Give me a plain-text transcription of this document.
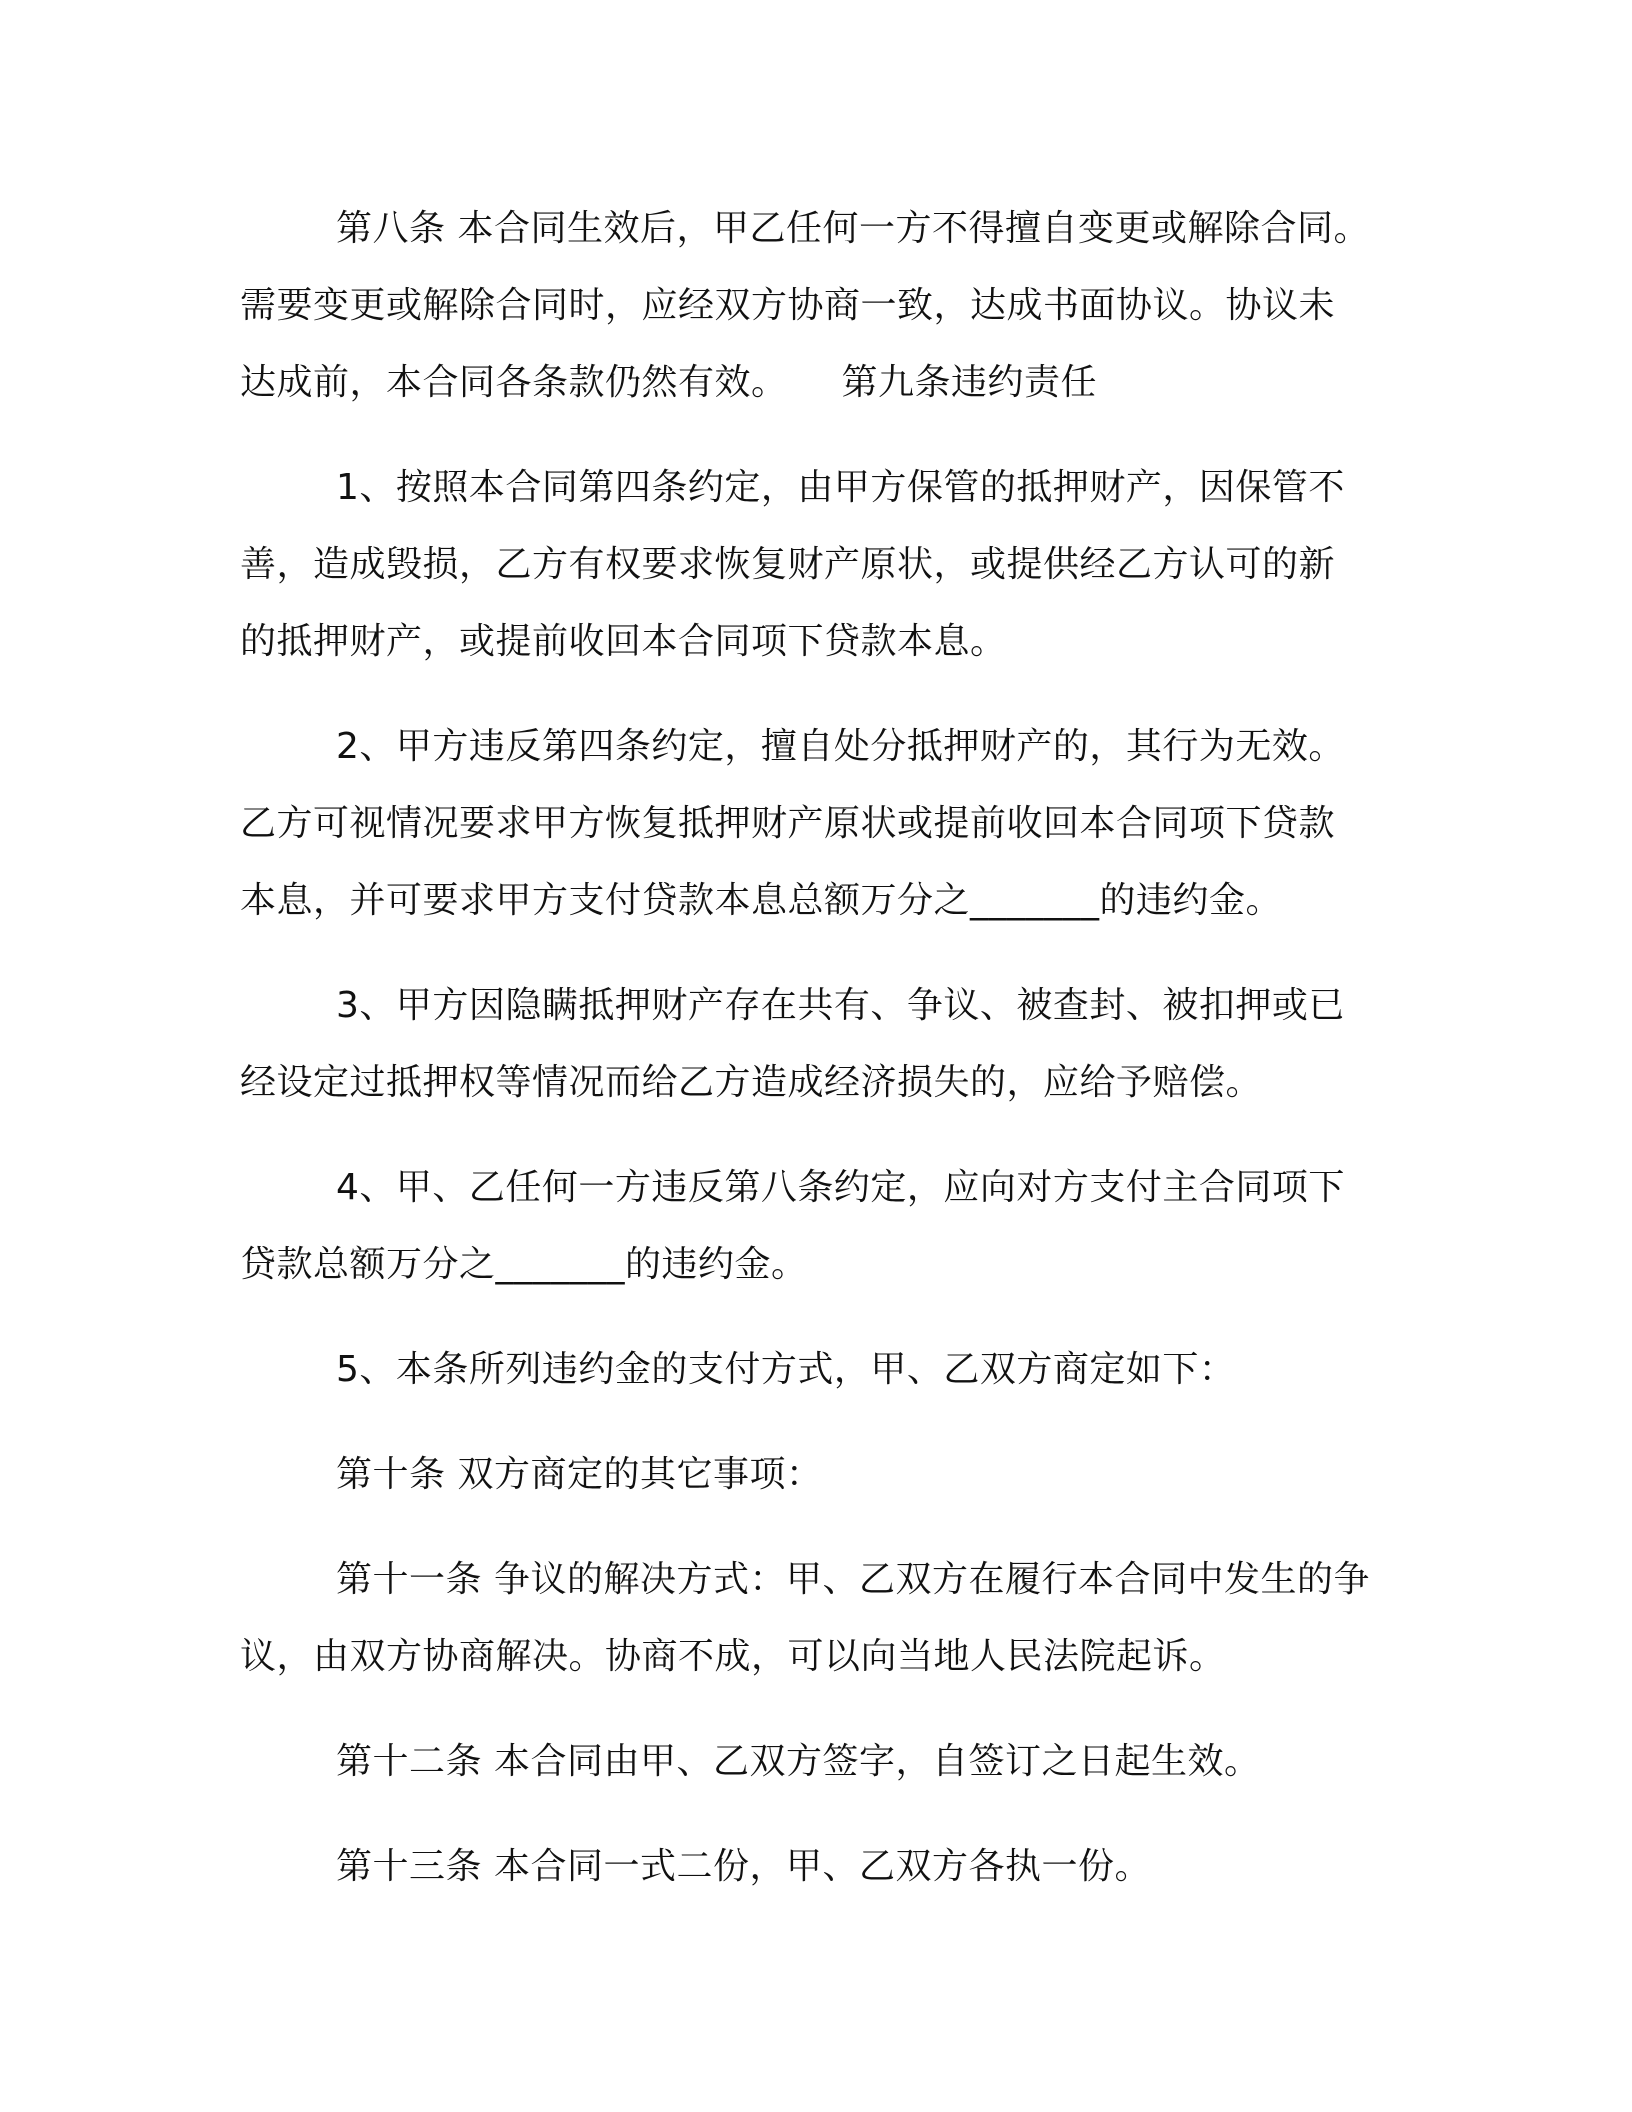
第八条 本合同生效后，甲乙任何一方不得擅自变更或解除合同。
需要变更或解除合同时，应经双方协商一致，达成书面协议。协议未
达成前，本合同各条款仍然有效。 第九条违约责任

1、按照本合同第四条约定，由甲方保管的抵押财产，因保管不
善，造成毁损，乙方有权要求恢复财产原状，或提供经乙方认可的新
的抵押财产，或提前收回本合同项下贷款本息。

2、甲方违反第四条约定，擅自处分抵押财产的，其行为无效。
乙方可视情况要求甲方恢复抵押财产原状或提前收回本合同项下贷款
本息，并可要求甲方支付贷款本息总额万分之_______的违约金。

3、甲方因隐瞒抵押财产存在共有、争议、被查封、被扣押或已
经设定过抵押权等情况而给乙方造成经济损失的，应给予赔偿。

4、甲、乙任何一方违反第八条约定，应向对方支付主合同项下
贷款总额万分之_______的违约金。

5、本条所列违约金的支付方式，甲、乙双方商定如下：

第十条 双方商定的其它事项：

第十一条 争议的解决方式：甲、乙双方在履行本合同中发生的争
议，由双方协商解决。协商不成，可以向当地人民法院起诉。

第十二条 本合同由甲、乙双方签字，自签订之日起生效。

第十三条 本合同一式二份，甲、乙双方各执一份。
